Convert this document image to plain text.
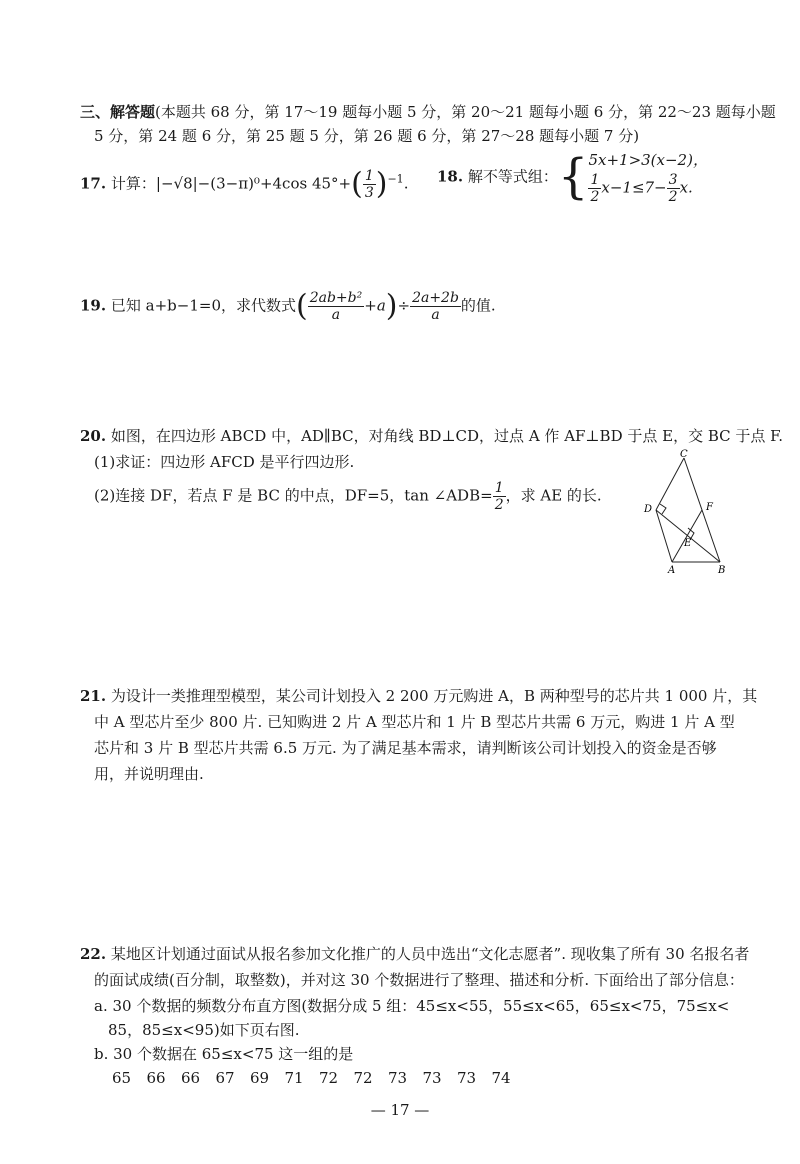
三、解答题(本题共 68 分，第 17～19 题每小题 5 分，第 20～21 题每小题 6 分，第 22～23 题每小题
5 分，第 24 题 6 分，第 25 题 5 分，第 26 题 6 分，第 27～28 题每小题 7 分)
17. 计算：|−√8|−(3−π)⁰+4cos $45^\circ+( \frac{1}{3} )^{-1}$. 18. 解不等式组：{ 5x+1>3(x−2)，
$\frac{1}{2} x-1\le 7- \frac{3}{2} x$.
19. 已知 a+b−1=0，求代数式( $\frac{\text{2ab+b²}}{a} +a)\div \frac{2a+2b}{a}$ 的值.
20. 如图，在四边形 ABCD 中，AD∥BC，对角线 BD⊥CD，过点 A 作 AF⊥BD 于点 E，交 BC 于点 F.
(1)求证：四边形 AFCD 是平行四边形.
(2)连接 DF，若点 F 是 BC 的中点，DF=5，tan ∠ADB= $\frac{1}{2}$ ，求 AE 的长.
C
D	F
E
A	B
21. 为设计一类推理型模型，某公司计划投入 2 200 万元购进 A，B 两种型号的芯片共 1 000 片，其
中 A 型芯片至少 800 片. 已知购进 2 片 A 型芯片和 1 片 B 型芯片共需 6 万元，购进 1 片 A 型
芯片和 3 片 B 型芯片共需 6.5 万元. 为了满足基本需求，请判断该公司计划投入的资金是否够
用，并说明理由.
22. 某地区计划通过面试从报名参加文化推广的人员中选出“文化志愿者”. 现收集了所有 30 名报名者
的面试成绩(百分制，取整数)，并对这 30 个数据进行了整理、描述和分析. 下面给出了部分信息：
a. 30 个数据的频数分布直方图(数据分成 5 组：45≤x<55，55≤x<65，65≤x<75，75≤x<
85，85≤x<95)如下页右图.
b. 30 个数据在 65≤x<75 这一组的是
65 66 66 67 69 71 72 72 73 73 73 74
— 17 —
